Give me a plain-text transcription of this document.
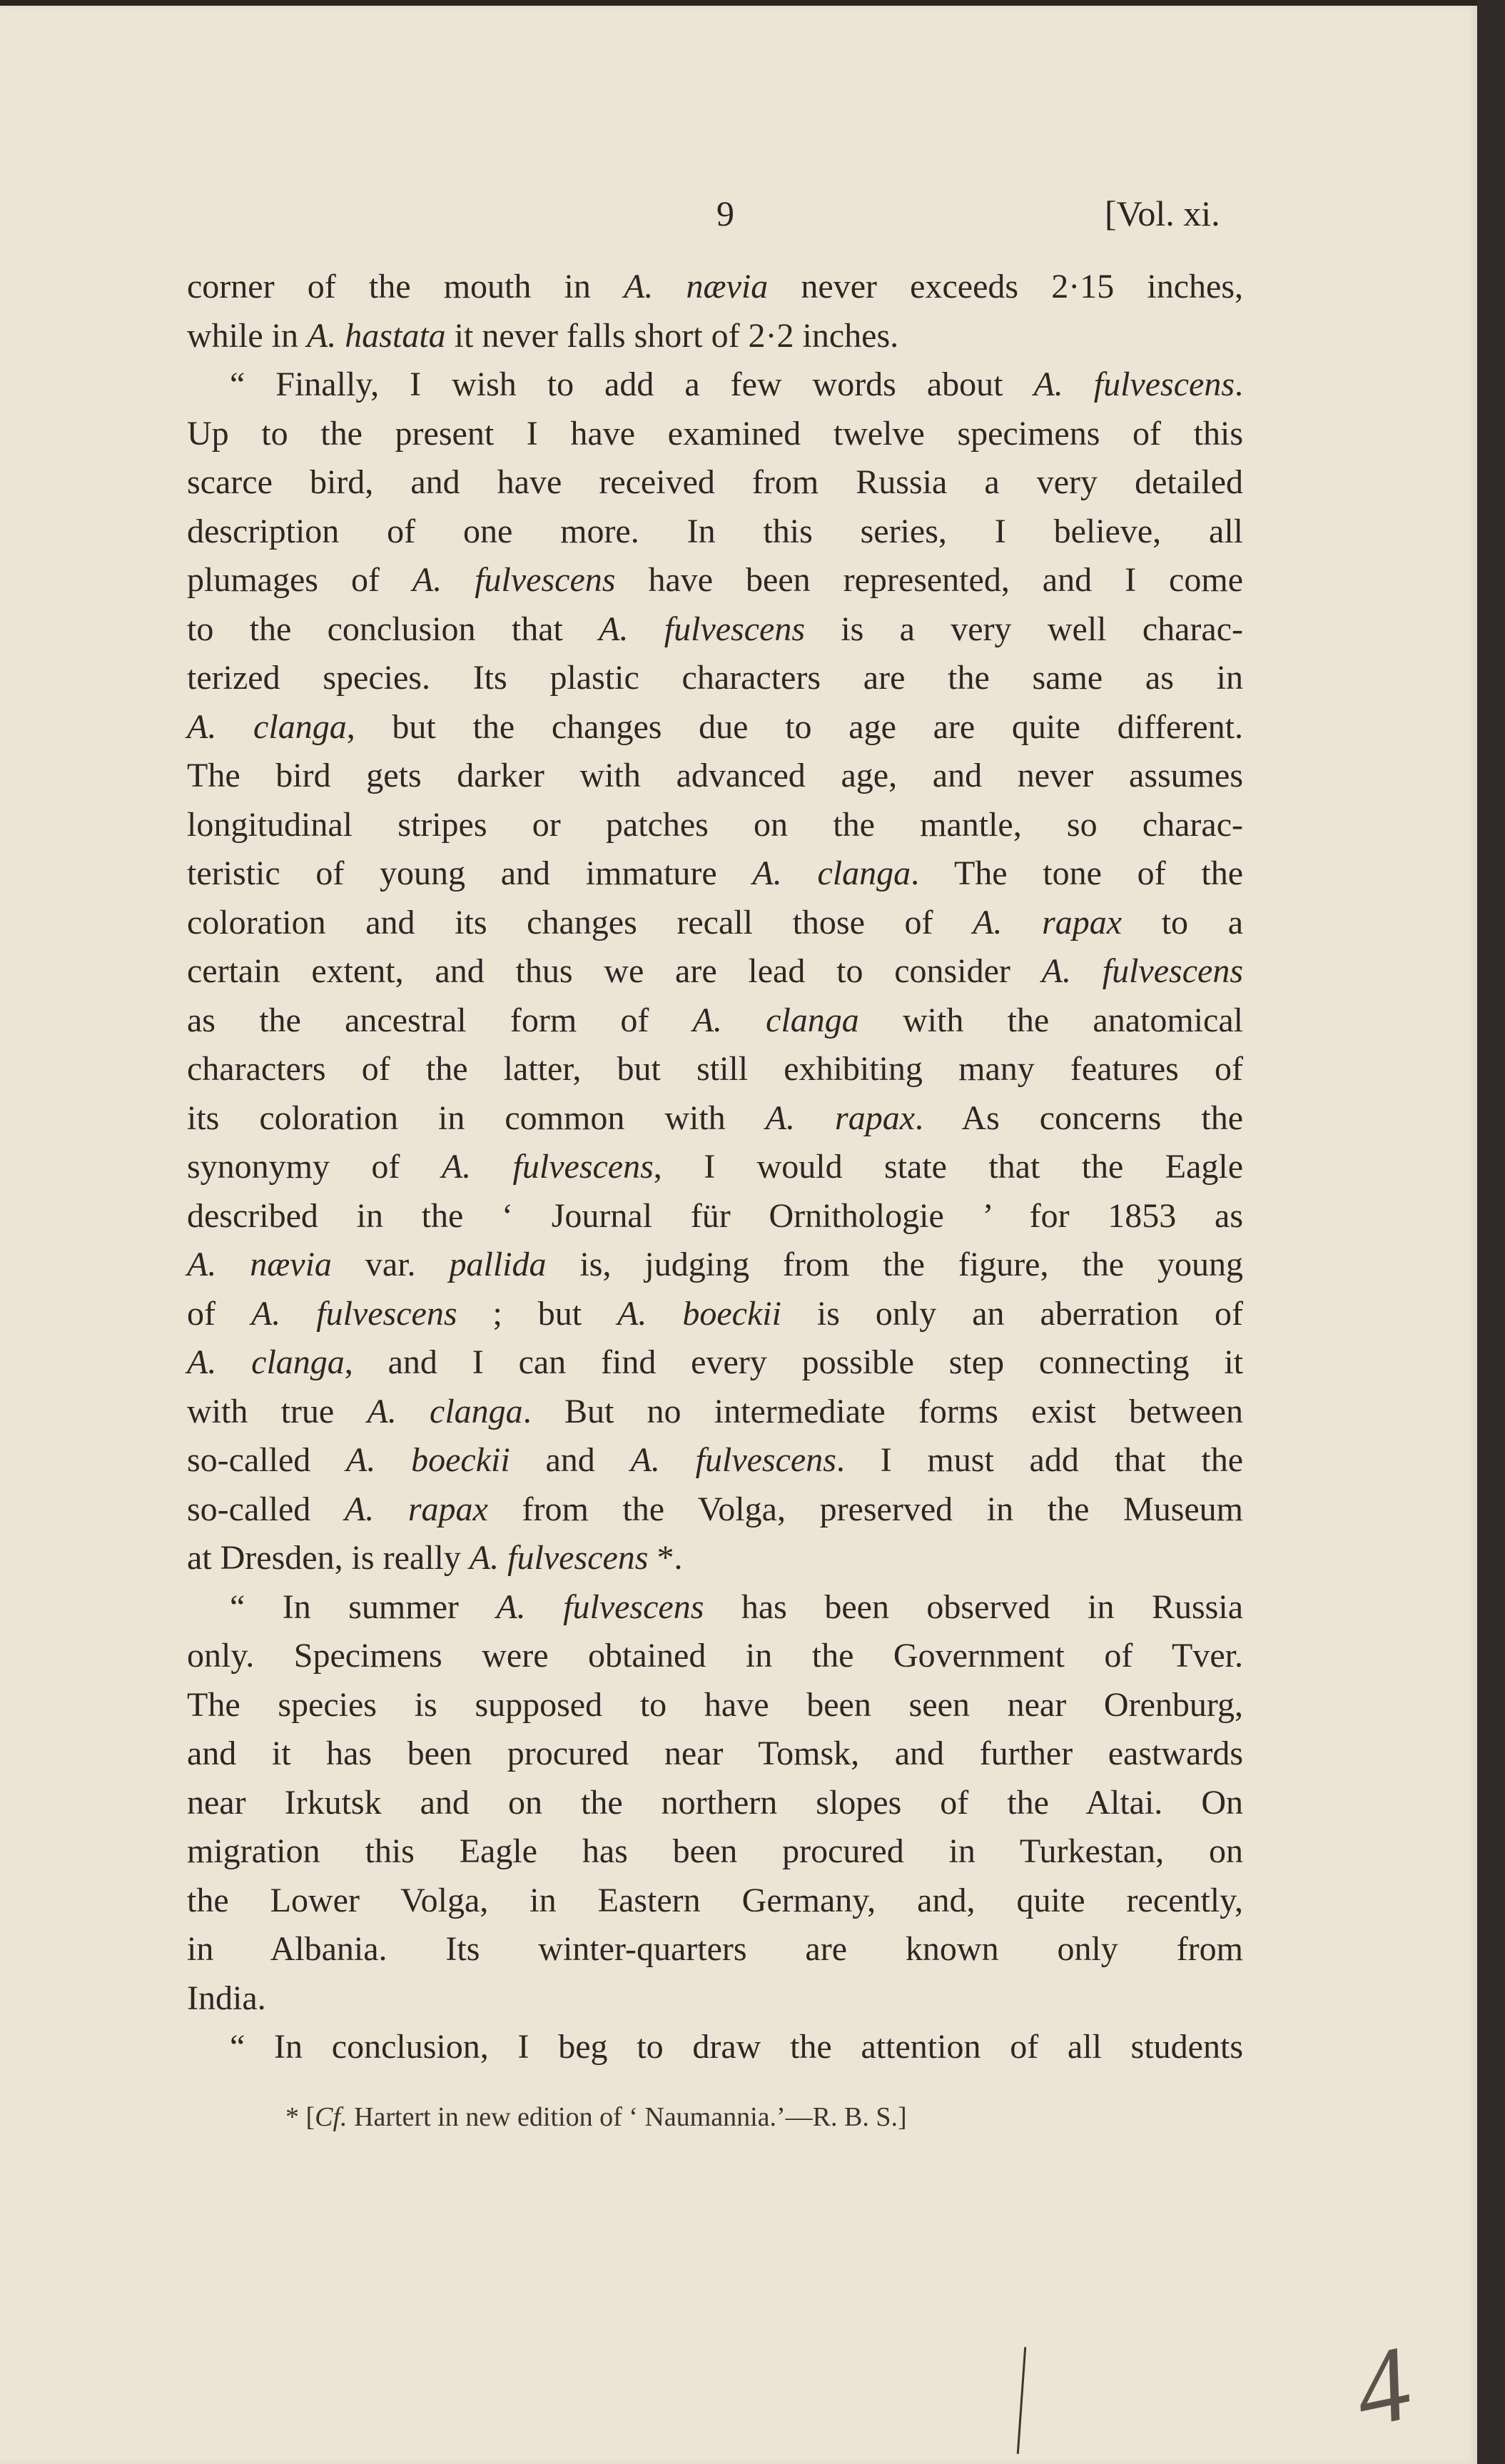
9	[Vol. xi.
corner of the mouth in A. nævia never exceeds 2·15 inches,
while in A. hastata it never falls short of 2·2 inches.
“ Finally, I wish to add a few words about A. fulvescens.
Up to the present I have examined twelve specimens of this
scarce bird, and have received from Russia a very detailed
description of one more. In this series, I believe, all
plumages of A. fulvescens have been represented, and I come
to the conclusion that A. fulvescens is a very well charac-
terized species. Its plastic characters are the same as in
A. clanga, but the changes due to age are quite different.
The bird gets darker with advanced age, and never assumes
longitudinal stripes or patches on the mantle, so charac-
teristic of young and immature A. clanga. The tone of the
coloration and its changes recall those of A. rapax to a
certain extent, and thus we are lead to consider A. fulvescens
as the ancestral form of A. clanga with the anatomical
characters of the latter, but still exhibiting many features of
its coloration in common with A. rapax. As concerns the
synonymy of A. fulvescens, I would state that the Eagle
described in the ‘ Journal für Ornithologie ’ for 1853 as
A. nævia var. pallida is, judging from the figure, the young
of A. fulvescens ; but A. boeckii is only an aberration of
A. clanga, and I can find every possible step connecting it
with true A. clanga. But no intermediate forms exist between
so-called A. boeckii and A. fulvescens. I must add that the
so-called A. rapax from the Volga, preserved in the Museum
at Dresden, is really A. fulvescens *.
“ In summer A. fulvescens has been observed in Russia
only. Specimens were obtained in the Government of Tver.
The species is supposed to have been seen near Orenburg,
and it has been procured near Tomsk, and further eastwards
near Irkutsk and on the northern slopes of the Altai. On
migration this Eagle has been procured in Turkestan, on
the Lower Volga, in Eastern Germany, and, quite recently,
in Albania. Its winter-quarters are known only from
India.
“ In conclusion, I beg to draw the attention of all students
* [Cf. Hartert in new edition of ‘ Naumannia.’—R. B. S.]
4
